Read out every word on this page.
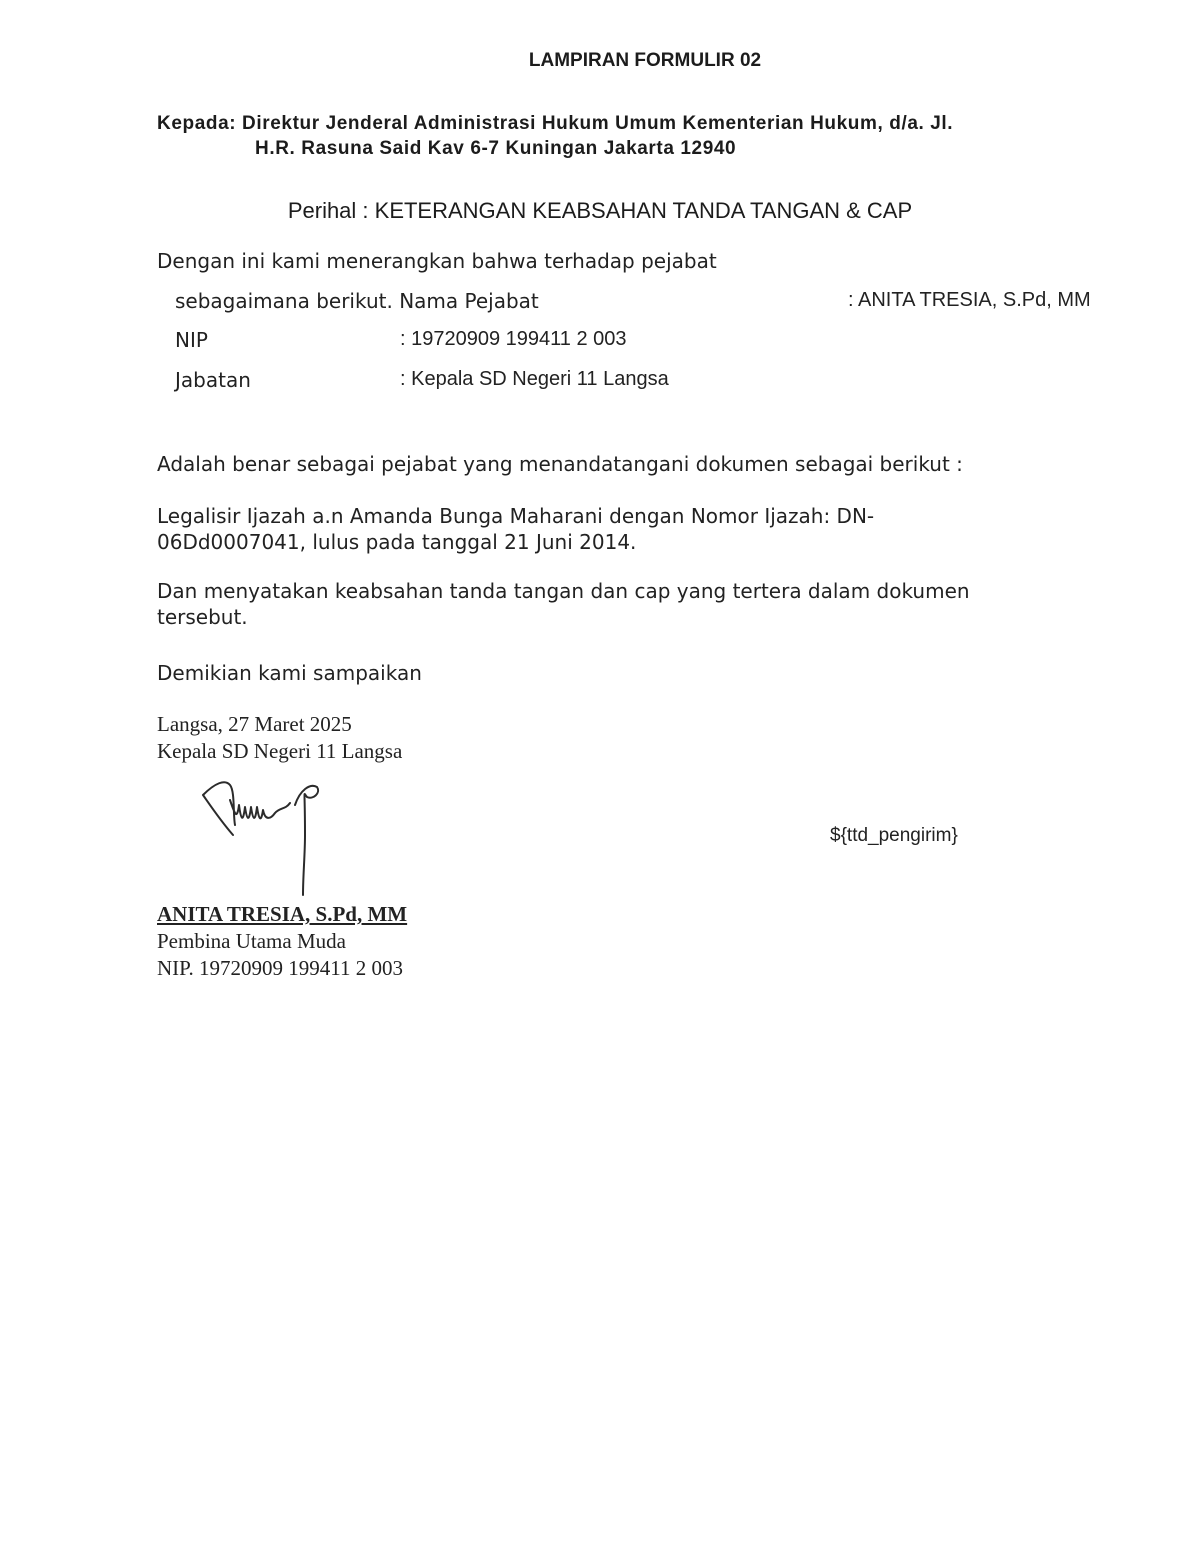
LAMPIRAN FORMULIR 02
Kepada: Direktur Jenderal Administrasi Hukum Umum Kementerian Hukum, d/a. Jl.
H.R. Rasuna Said Kav 6-7 Kuningan Jakarta 12940
Perihal : KETERANGAN KEABSAHAN TANDA TANGAN & CAP
Dengan ini kami menerangkan bahwa terhadap pejabat
sebagaimana berikut. Nama Pejabat	: ANITA TRESIA, S.Pd, MM
NIP	: 19720909 199411 2 003
Jabatan	: Kepala SD Negeri 11 Langsa
Adalah benar sebagai pejabat yang menandatangani dokumen sebagai berikut :
Legalisir Ijazah a.n Amanda Bunga Maharani dengan Nomor Ijazah: DN-06Dd0007041, lulus pada tanggal 21 Juni 2014.
Dan menyatakan keabsahan tanda tangan dan cap yang tertera dalam dokumen tersebut.
Demikian kami sampaikan
Langsa, 27 Maret 2025
Kepala SD Negeri 11 Langsa
${ttd_pengirim}
ANITA TRESIA, S.Pd, MM
Pembina Utama Muda
NIP. 19720909 199411 2 003
